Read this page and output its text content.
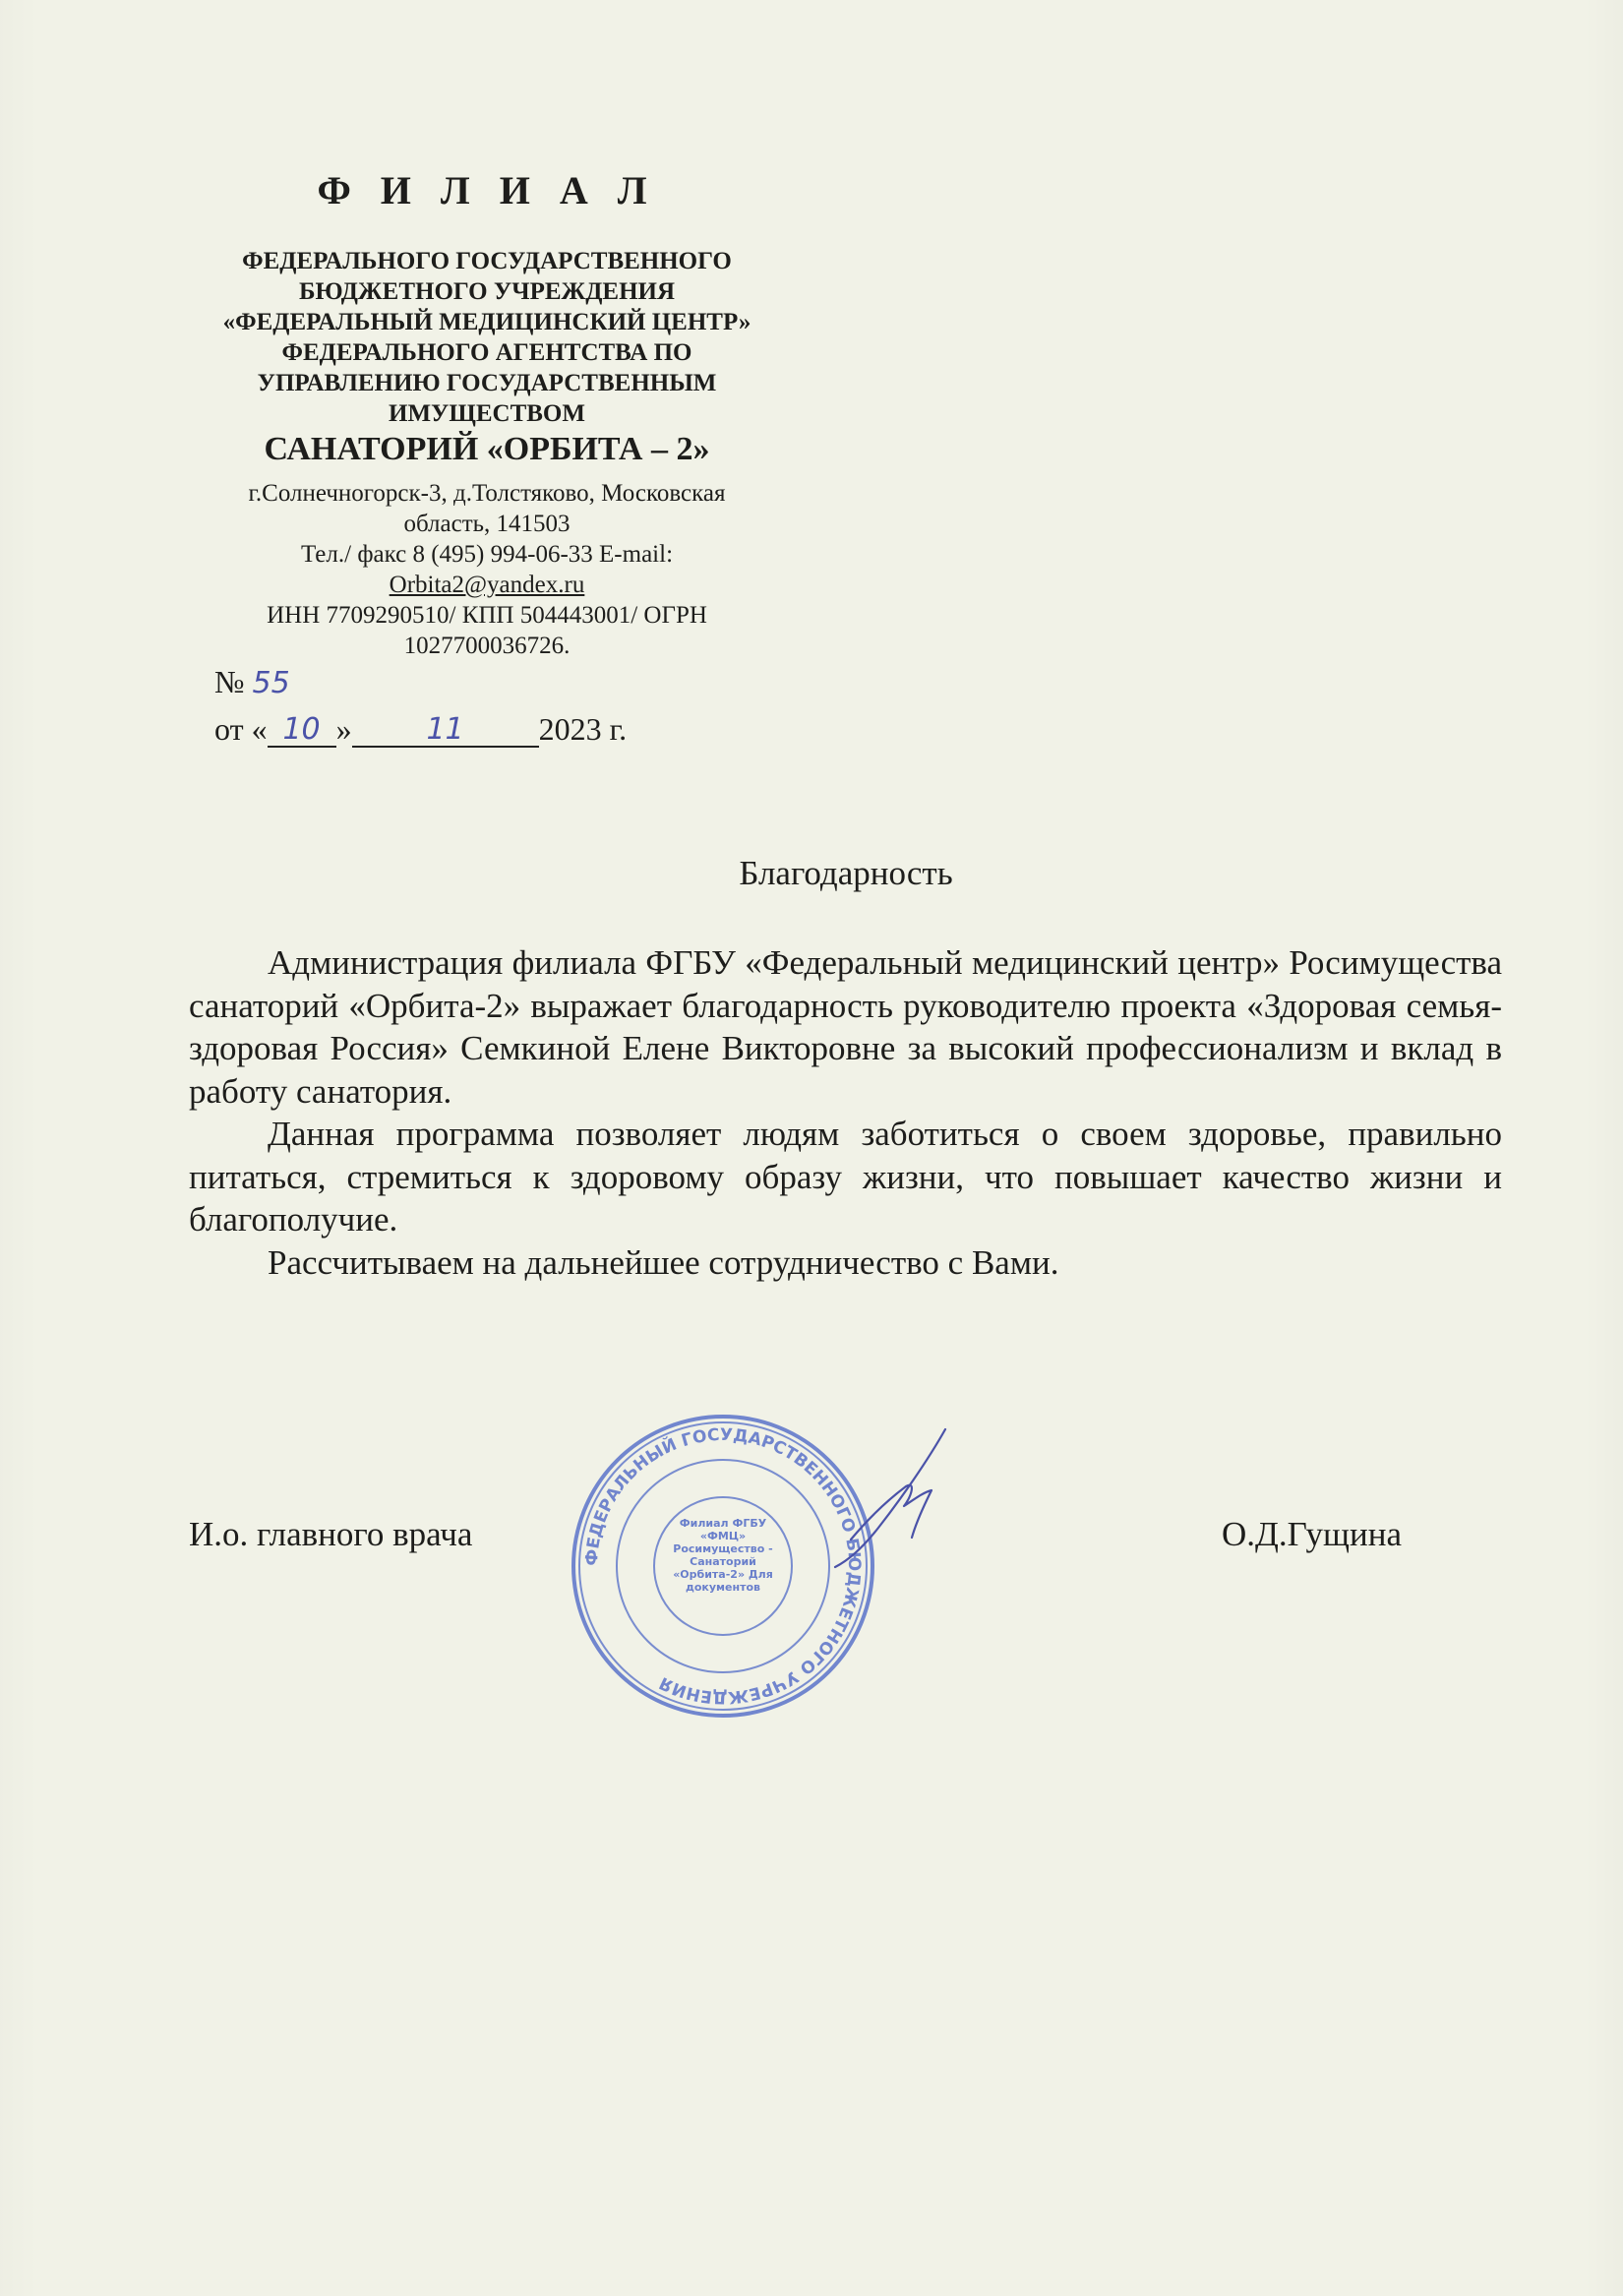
Ф И Л И А Л
ФЕДЕРАЛЬНОГО ГОСУДАРСТВЕННОГО
БЮДЖЕТНОГО УЧРЕЖДЕНИЯ
«ФЕДЕРАЛЬНЫЙ МЕДИЦИНСКИЙ ЦЕНТР»
ФЕДЕРАЛЬНОГО АГЕНТСТВА ПО
УПРАВЛЕНИЮ ГОСУДАРСТВЕННЫМ
ИМУЩЕСТВОМ
САНАТОРИЙ «ОРБИТА – 2»
г.Солнечногорск-3, д.Толстяково, Московская
область, 141503
Тел./ факс 8 (495) 994-06-33 E-mail:
Orbita2@yandex.ru
ИНН 7709290510/ КПП 504443001/ ОГРН
1027700036726.
№ 55
от « 10 »	11 2023 г.
Благодарность

Администрация филиала ФГБУ «Федеральный медицинский центр» Росимущества санаторий «Орбита-2» выражает благодарность руководителю проекта «Здоровая семья- здоровая Россия» Семкиной Елене Викторовне за высокий профессионализм и вклад в работу санатория.

Данная программа позволяет людям заботиться о своем здоровье, правильно питаться, стремиться к здоровому образу жизни, что повышает качество жизни и благополучие.

Рассчитываем на дальнейшее сотрудничество с Вами.

ФЕДЕРАЛЬНЫЙ ГОСУДАРСТВЕННОГО БЮДЖЕТНОГО УЧРЕЖДЕНИЯ
Филиал ФГБУ «ФМЦ» Росимущество - Санаторий «Орбита-2» Для документов
И.о. главного врача	О.Д.Гущина
